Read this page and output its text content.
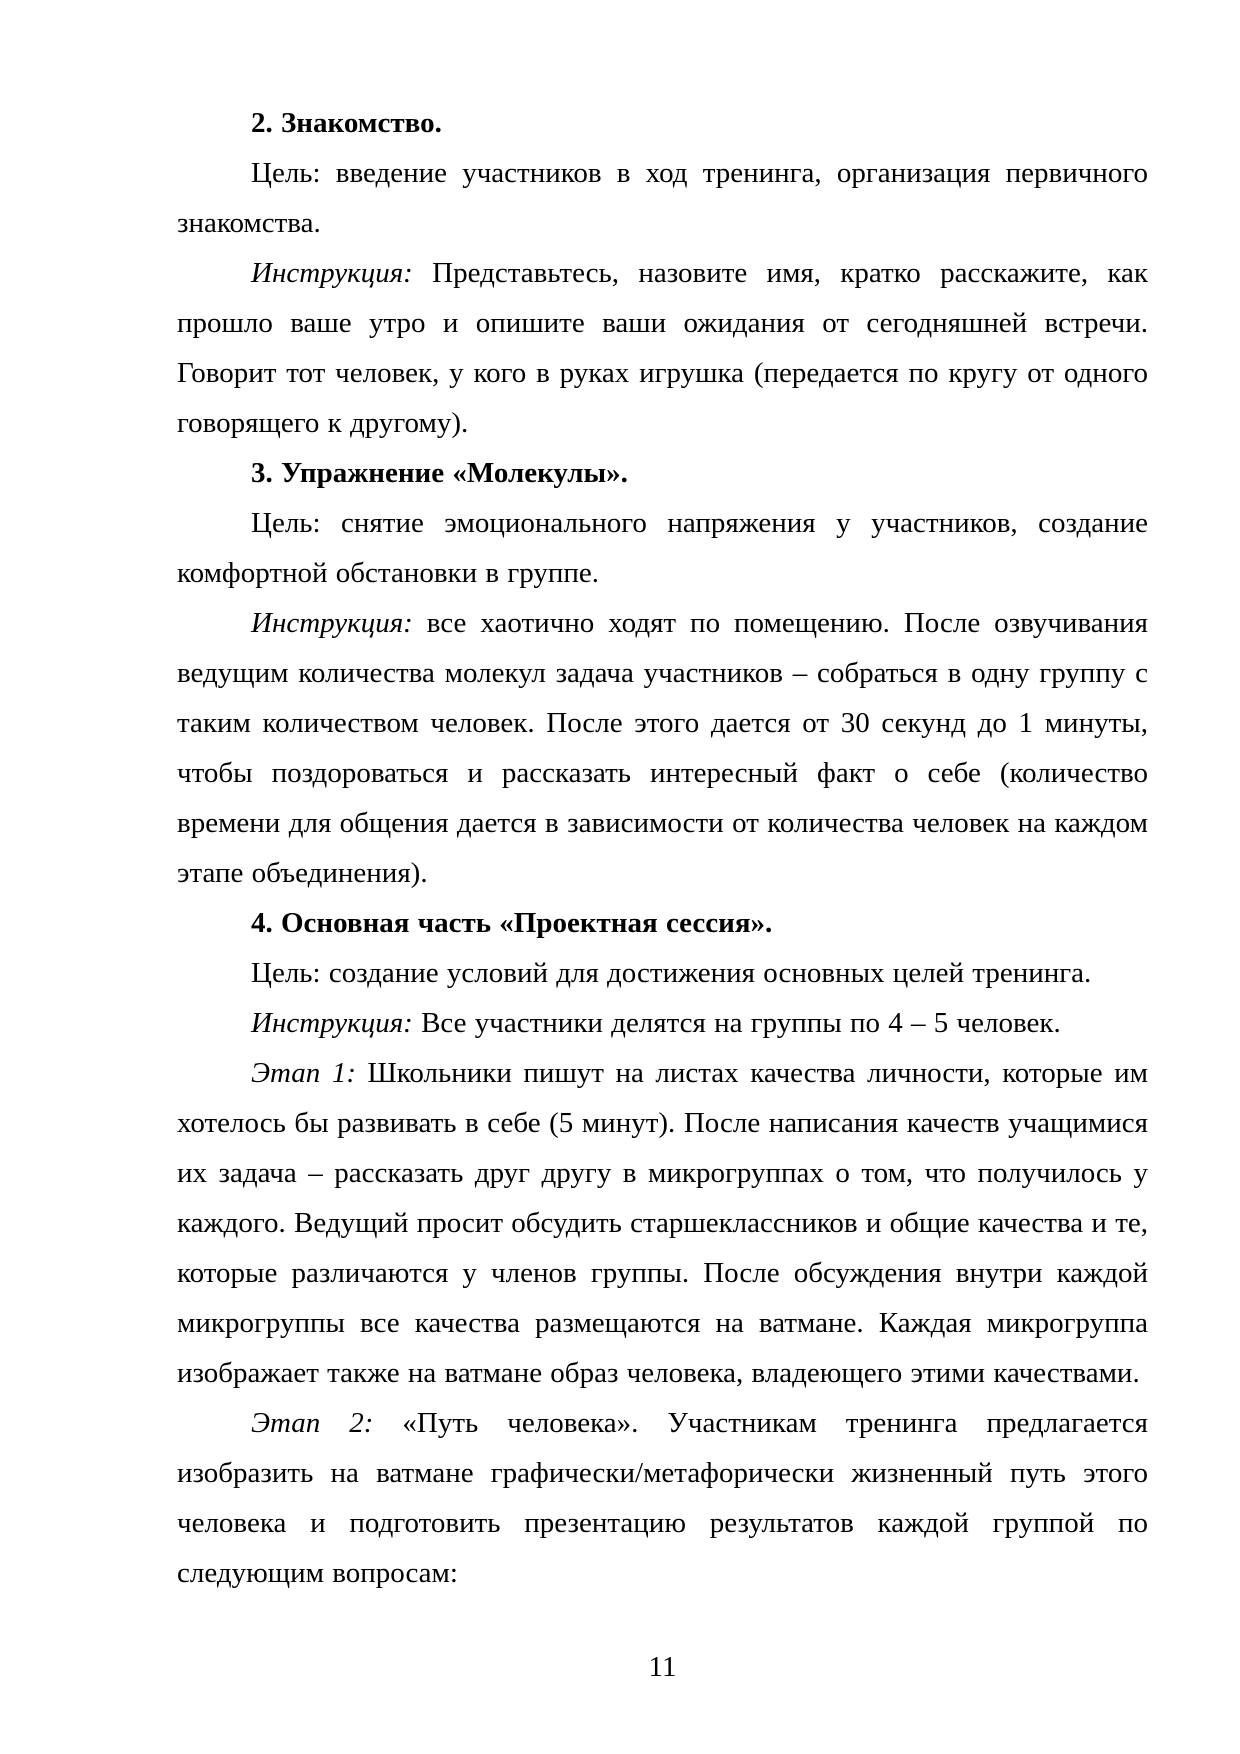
2. Знакомство.

Цель: введение участников в ход тренинга, организация первичного знакомства.

Инструкция: Представьтесь, назовите имя, кратко расскажите, как прошло ваше утро и опишите ваши ожидания от сегодняшней встречи. Говорит тот человек, у кого в руках игрушка (передается по кругу от одного говорящего к другому).

3. Упражнение «Молекулы».

Цель: снятие эмоционального напряжения у участников, создание комфортной обстановки в группе.

Инструкция: все хаотично ходят по помещению. После озвучивания ведущим количества молекул задача участников – собраться в одну группу с таким количеством человек. После этого дается от 30 секунд до 1 минуты, чтобы поздороваться и рассказать интересный факт о себе (количество времени для общения дается в зависимости от количества человек на каждом этапе объединения).

4. Основная часть «Проектная сессия».

Цель: создание условий для достижения основных целей тренинга.

Инструкция: Все участники делятся на группы по 4 – 5 человек.

Этап 1: Школьники пишут на листах качества личности, которые им хотелось бы развивать в себе (5 минут). После написания качеств учащимися их задача – рассказать друг другу в микрогруппах о том, что получилось у каждого. Ведущий просит обсудить старшеклассников и общие качества и те, которые различаются у членов группы. После обсуждения внутри каждой микрогруппы все качества размещаются на ватмане. Каждая микрогруппа изображает также на ватмане образ человека, владеющего этими качествами.

Этап 2: «Путь человека». Участникам тренинга предлагается изобразить на ватмане графически/метафорически жизненный путь этого человека и подготовить презентацию результатов каждой группой по следующим вопросам:

11
